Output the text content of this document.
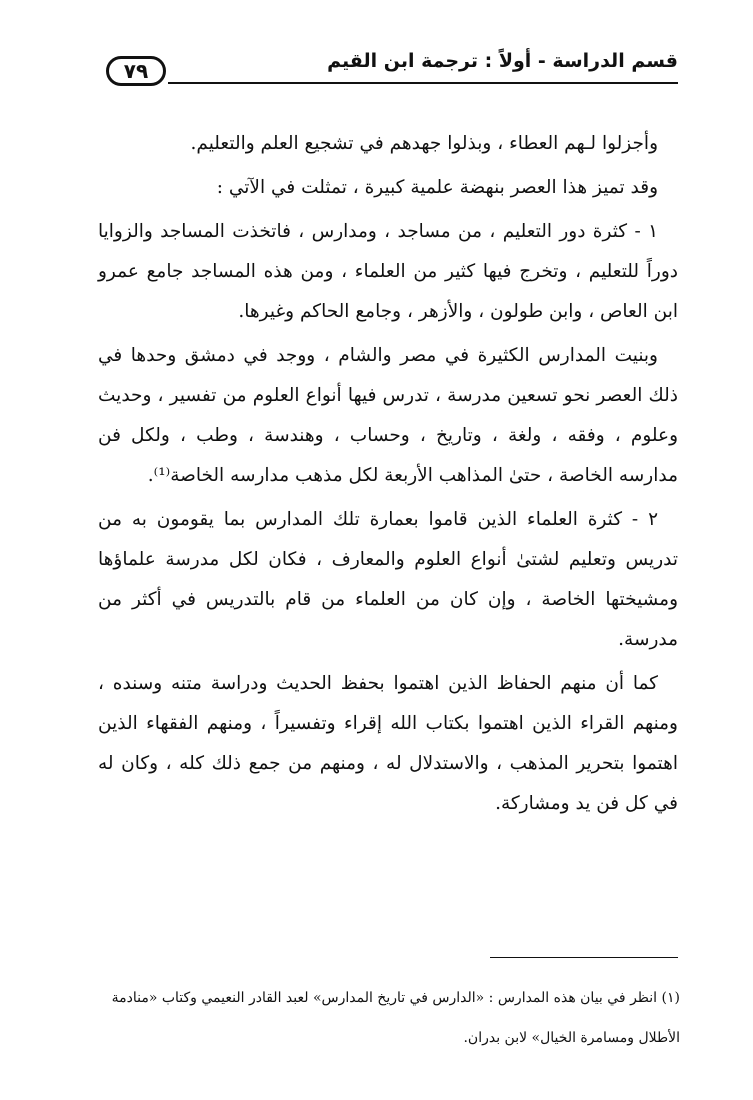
قسم الدراسة - أولاً : ترجمة ابن القيم
٧٩

وأجزلوا لـهم العطاء ، وبذلوا جهدهم في تشجيع العلم والتعليم.

وقد تميز هذا العصر بنهضة علمية كبيرة ، تمثلت في الآتي :

١ - كثرة دور التعليم ، من مساجد ، ومدارس ، فاتخذت المساجد والزوايا دوراً للتعليم ، وتخرج فيها كثير من العلماء ، ومن هذه المساجد جامع عمرو ابن العاص ، وابن طولون ، والأزهر ، وجامع الحاكم وغيرها.

وبنيت المدارس الكثيرة في مصر والشام ، ووجد في دمشق وحدها في ذلك العصر نحو تسعين مدرسة ، تدرس فيها أنواع العلوم من تفسير ، وحديث وعلوم ، وفقه ، ولغة ، وتاريخ ، وحساب ، وهندسة ، وطب ، ولكل فن مدارسه الخاصة ، حتىٰ المذاهب الأربعة لكل مذهب مدارسه الخاصة⁽¹⁾.

٢ - كثرة العلماء الذين قاموا بعمارة تلك المدارس بما يقومون به من تدريس وتعليم لشتىٰ أنواع العلوم والمعارف ، فكان لكل مدرسة علماؤها ومشيختها الخاصة ، وإن كان من العلماء من قام بالتدريس في أكثر من مدرسة.

كما أن منهم الحفاظ الذين اهتموا بحفظ الحديث ودراسة متنه وسنده ، ومنهم القراء الذين اهتموا بكتاب الله إقراء وتفسيراً ، ومنهم الفقهاء الذين اهتموا بتحرير المذهب ، والاستدلال له ، ومنهم من جمع ذلك كله ، وكان له في كل فن يد ومشاركة.

(١) انظر في بيان هذه المدارس : «الدارس في تاريخ المدارس» لعبد القادر النعيمي وكتاب «منادمة الأطلال ومسامرة الخيال» لابن بدران.
